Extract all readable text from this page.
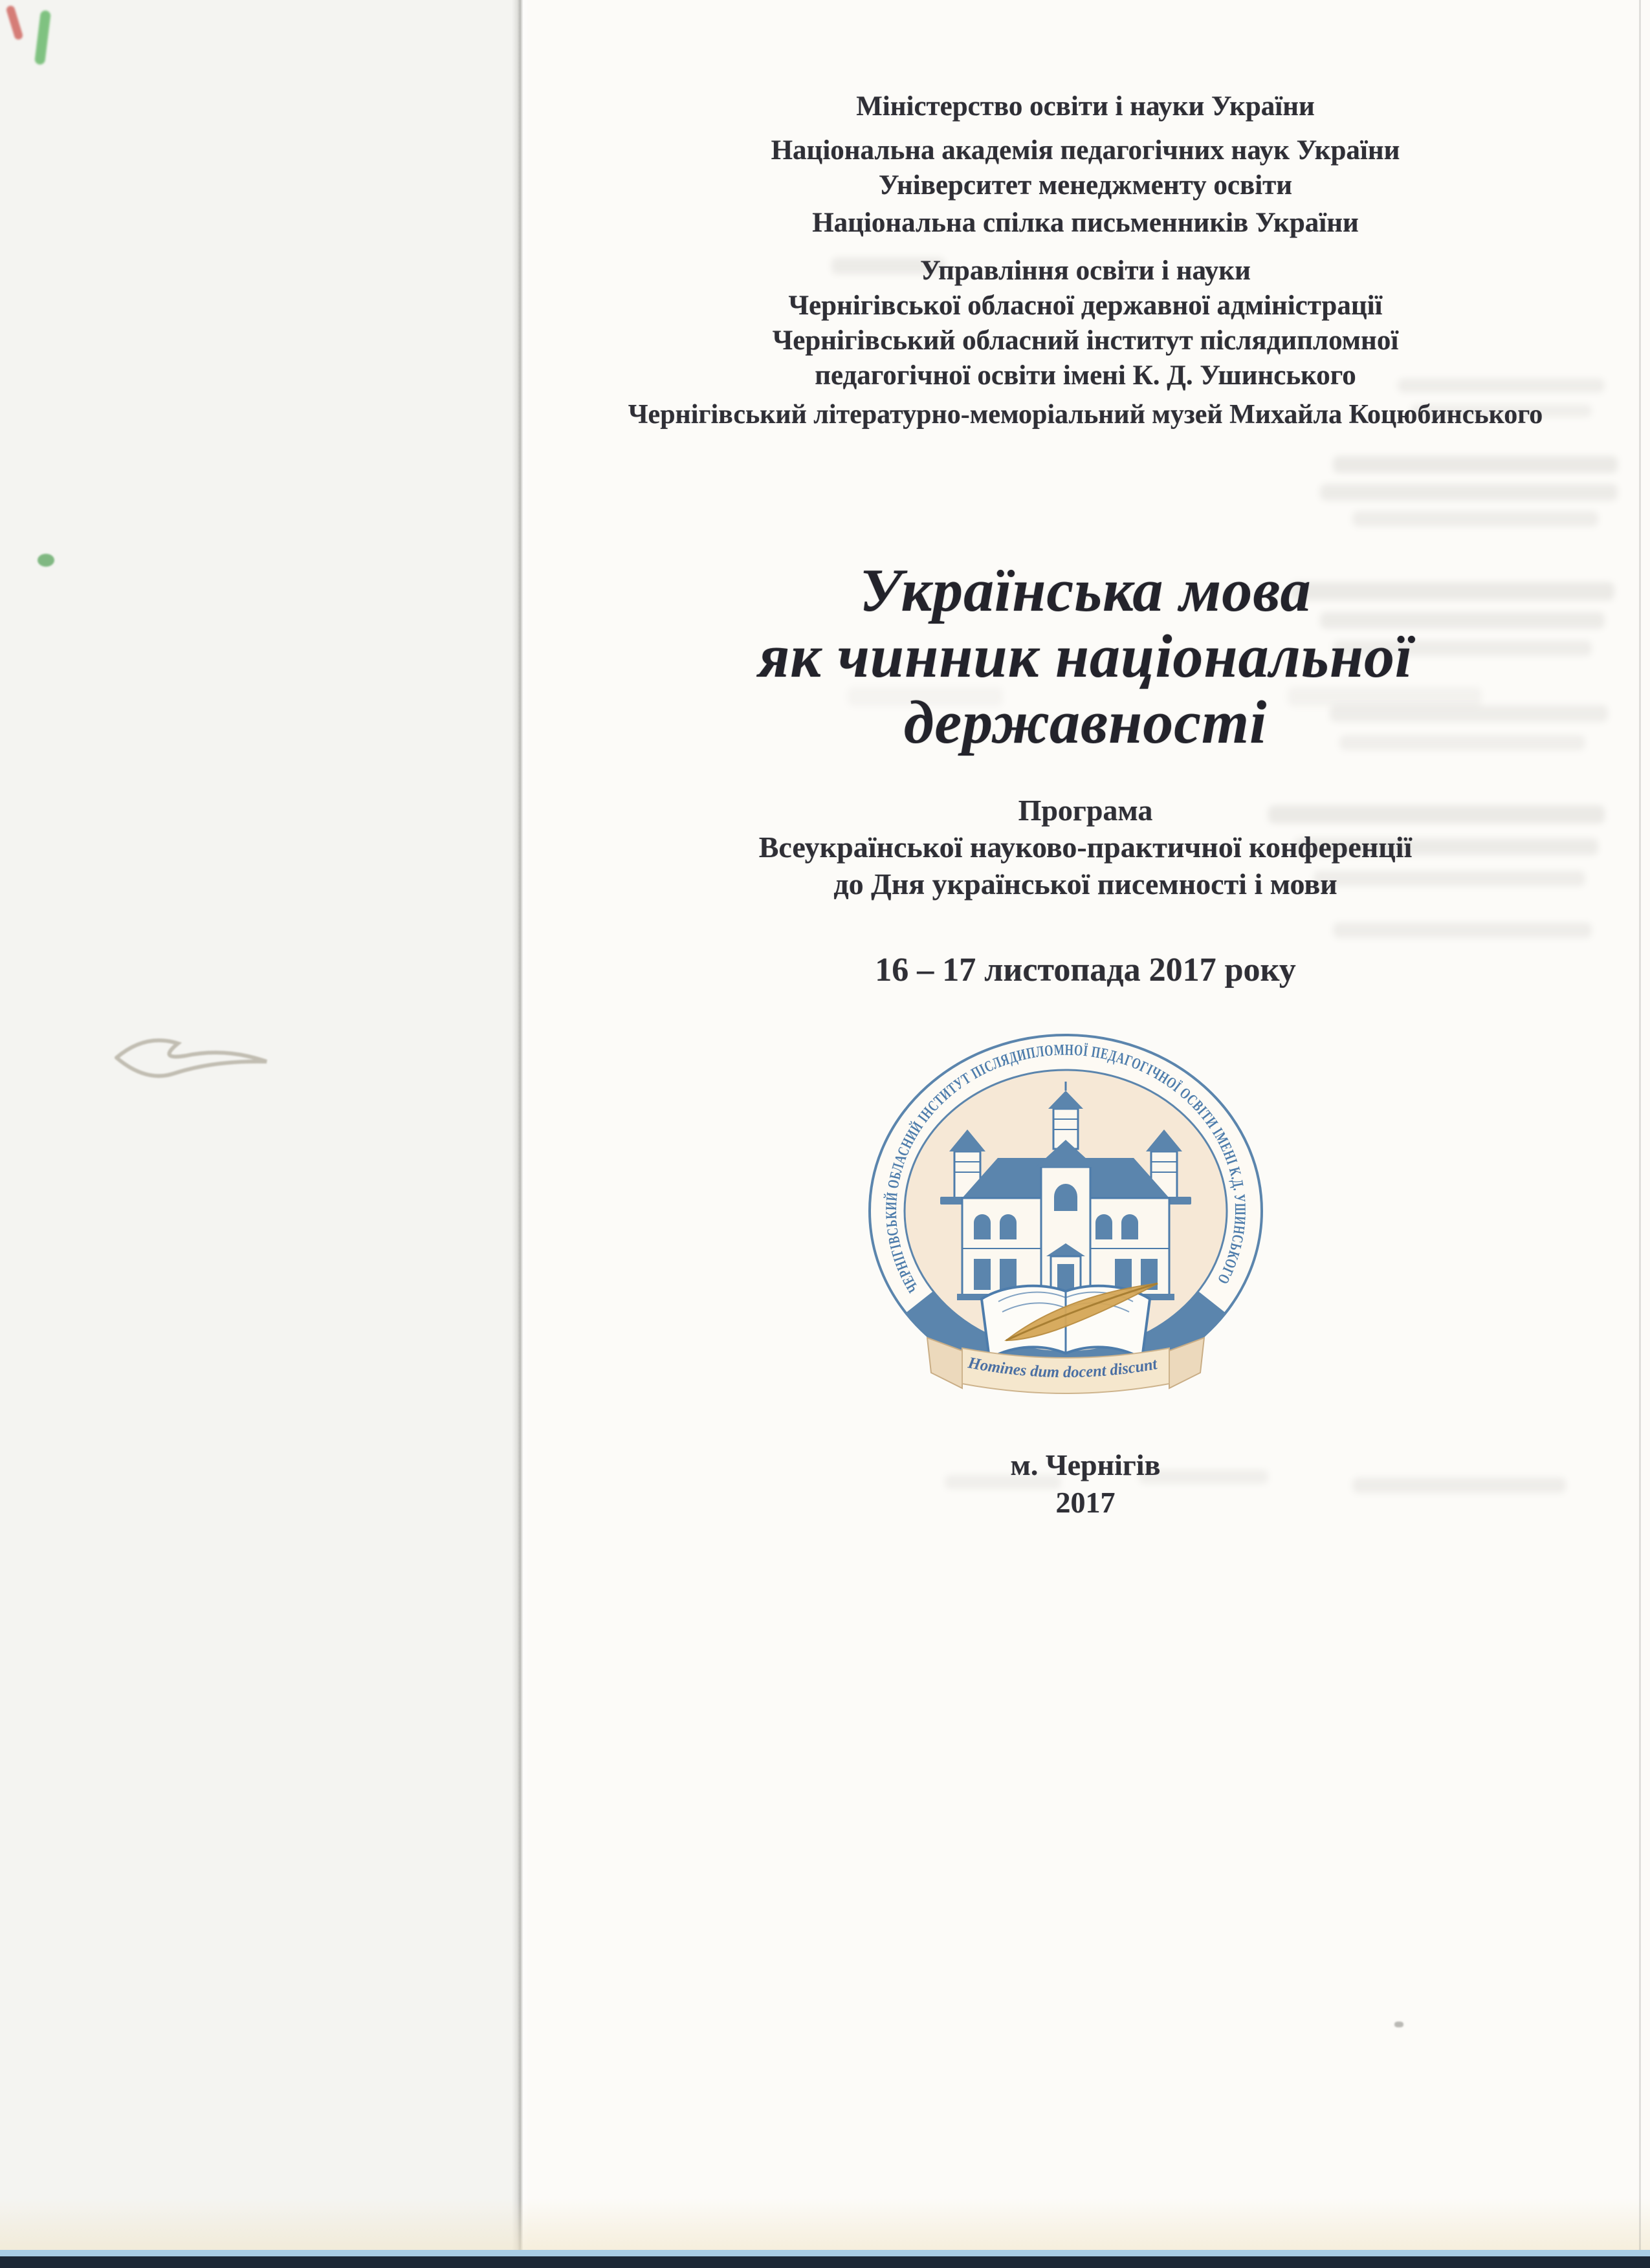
Міністерство освіти і науки України
Національна академія педагогічних наук України
Університет менеджменту освіти
Національна спілка письменників України
Управління освіти і науки
Чернігівської обласної державної адміністрації
Чернігівський обласний інститут післядипломної
педагогічної освіти імені К. Д. Ушинського
Чернігівський літературно-меморіальний музей Михайла Коцюбинського
Українська мова
як чинник національної
державності
Програма
Всеукраїнської науково-практичної конференції
до Дня української писемності і мови
16 – 17 листопада 2017 року
ЧЕРНІГІВСЬКИЙ ОБЛАСНИЙ ІНСТИТУТ ПІСЛЯДИПЛОМНОЇ ПЕДАГОГІЧНОЇ ОСВІТИ ІМЕНІ К.Д. УШИНСЬКОГО
Homines dum docent discunt
м. Чернігів
2017
